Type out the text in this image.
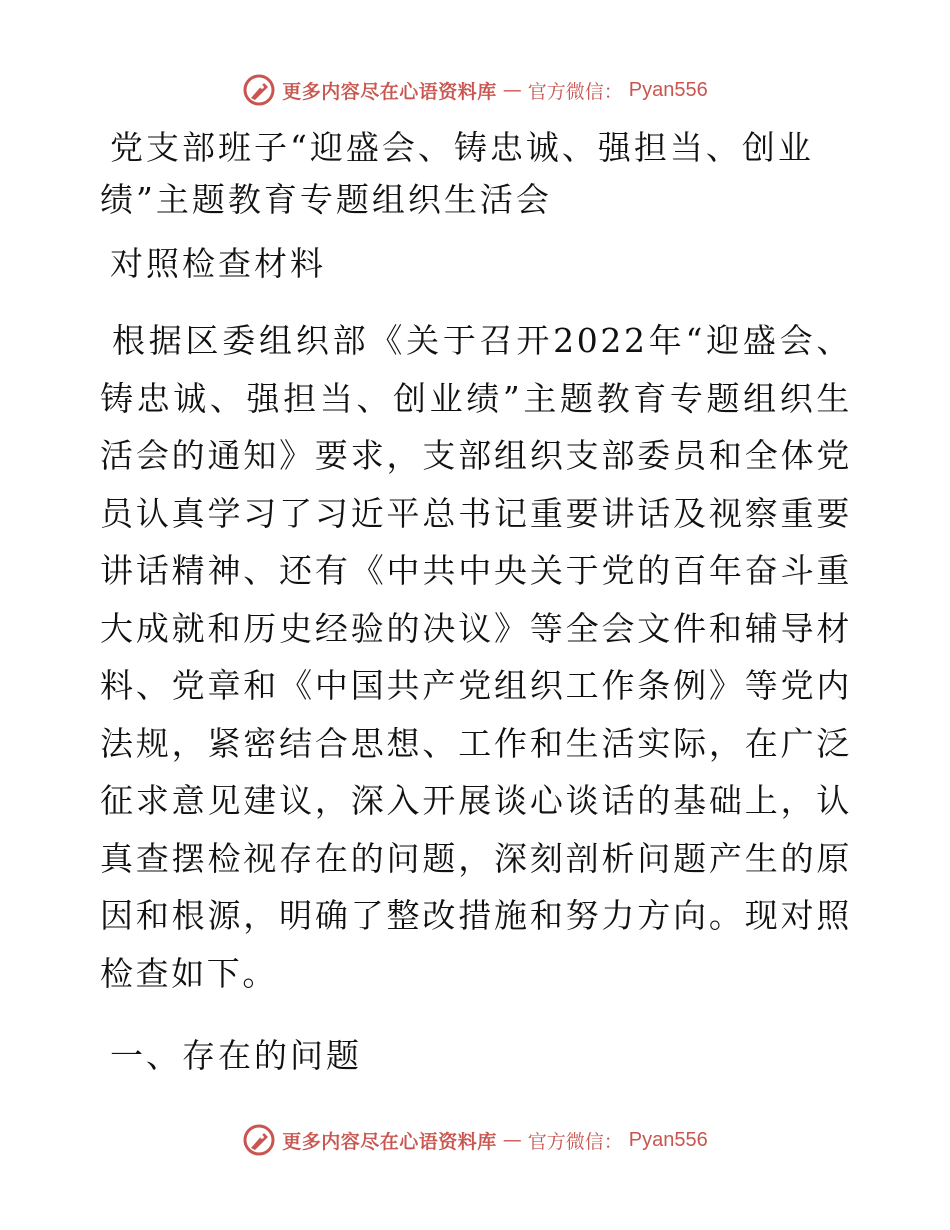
更多内容尽在心语资料库 — 官方微信： Pyan556
党支部班子“迎盛会、铸忠诚、强担当、创业绩”主题教育专题组织生活会
对照检查材料

根据区委组织部《关于召开2022年“迎盛会、铸忠诚、强担当、创业绩”主题教育专题组织生活会的通知》要求，支部组织支部委员和全体党员认真学习了习近平总书记重要讲话及视察重要讲话精神、还有《中共中央关于党的百年奋斗重大成就和历史经验的决议》等全会文件和辅导材料、党章和《中国共产党组织工作条例》等党内法规，紧密结合思想、工作和生活实际，在广泛征求意见建议，深入开展谈心谈话的基础上，认真查摆检视存在的问题，深刻剖析问题产生的原因和根源，明确了整改措施和努力方向。现对照检查如下。

一、存在的问题
更多内容尽在心语资料库 — 官方微信： Pyan556
